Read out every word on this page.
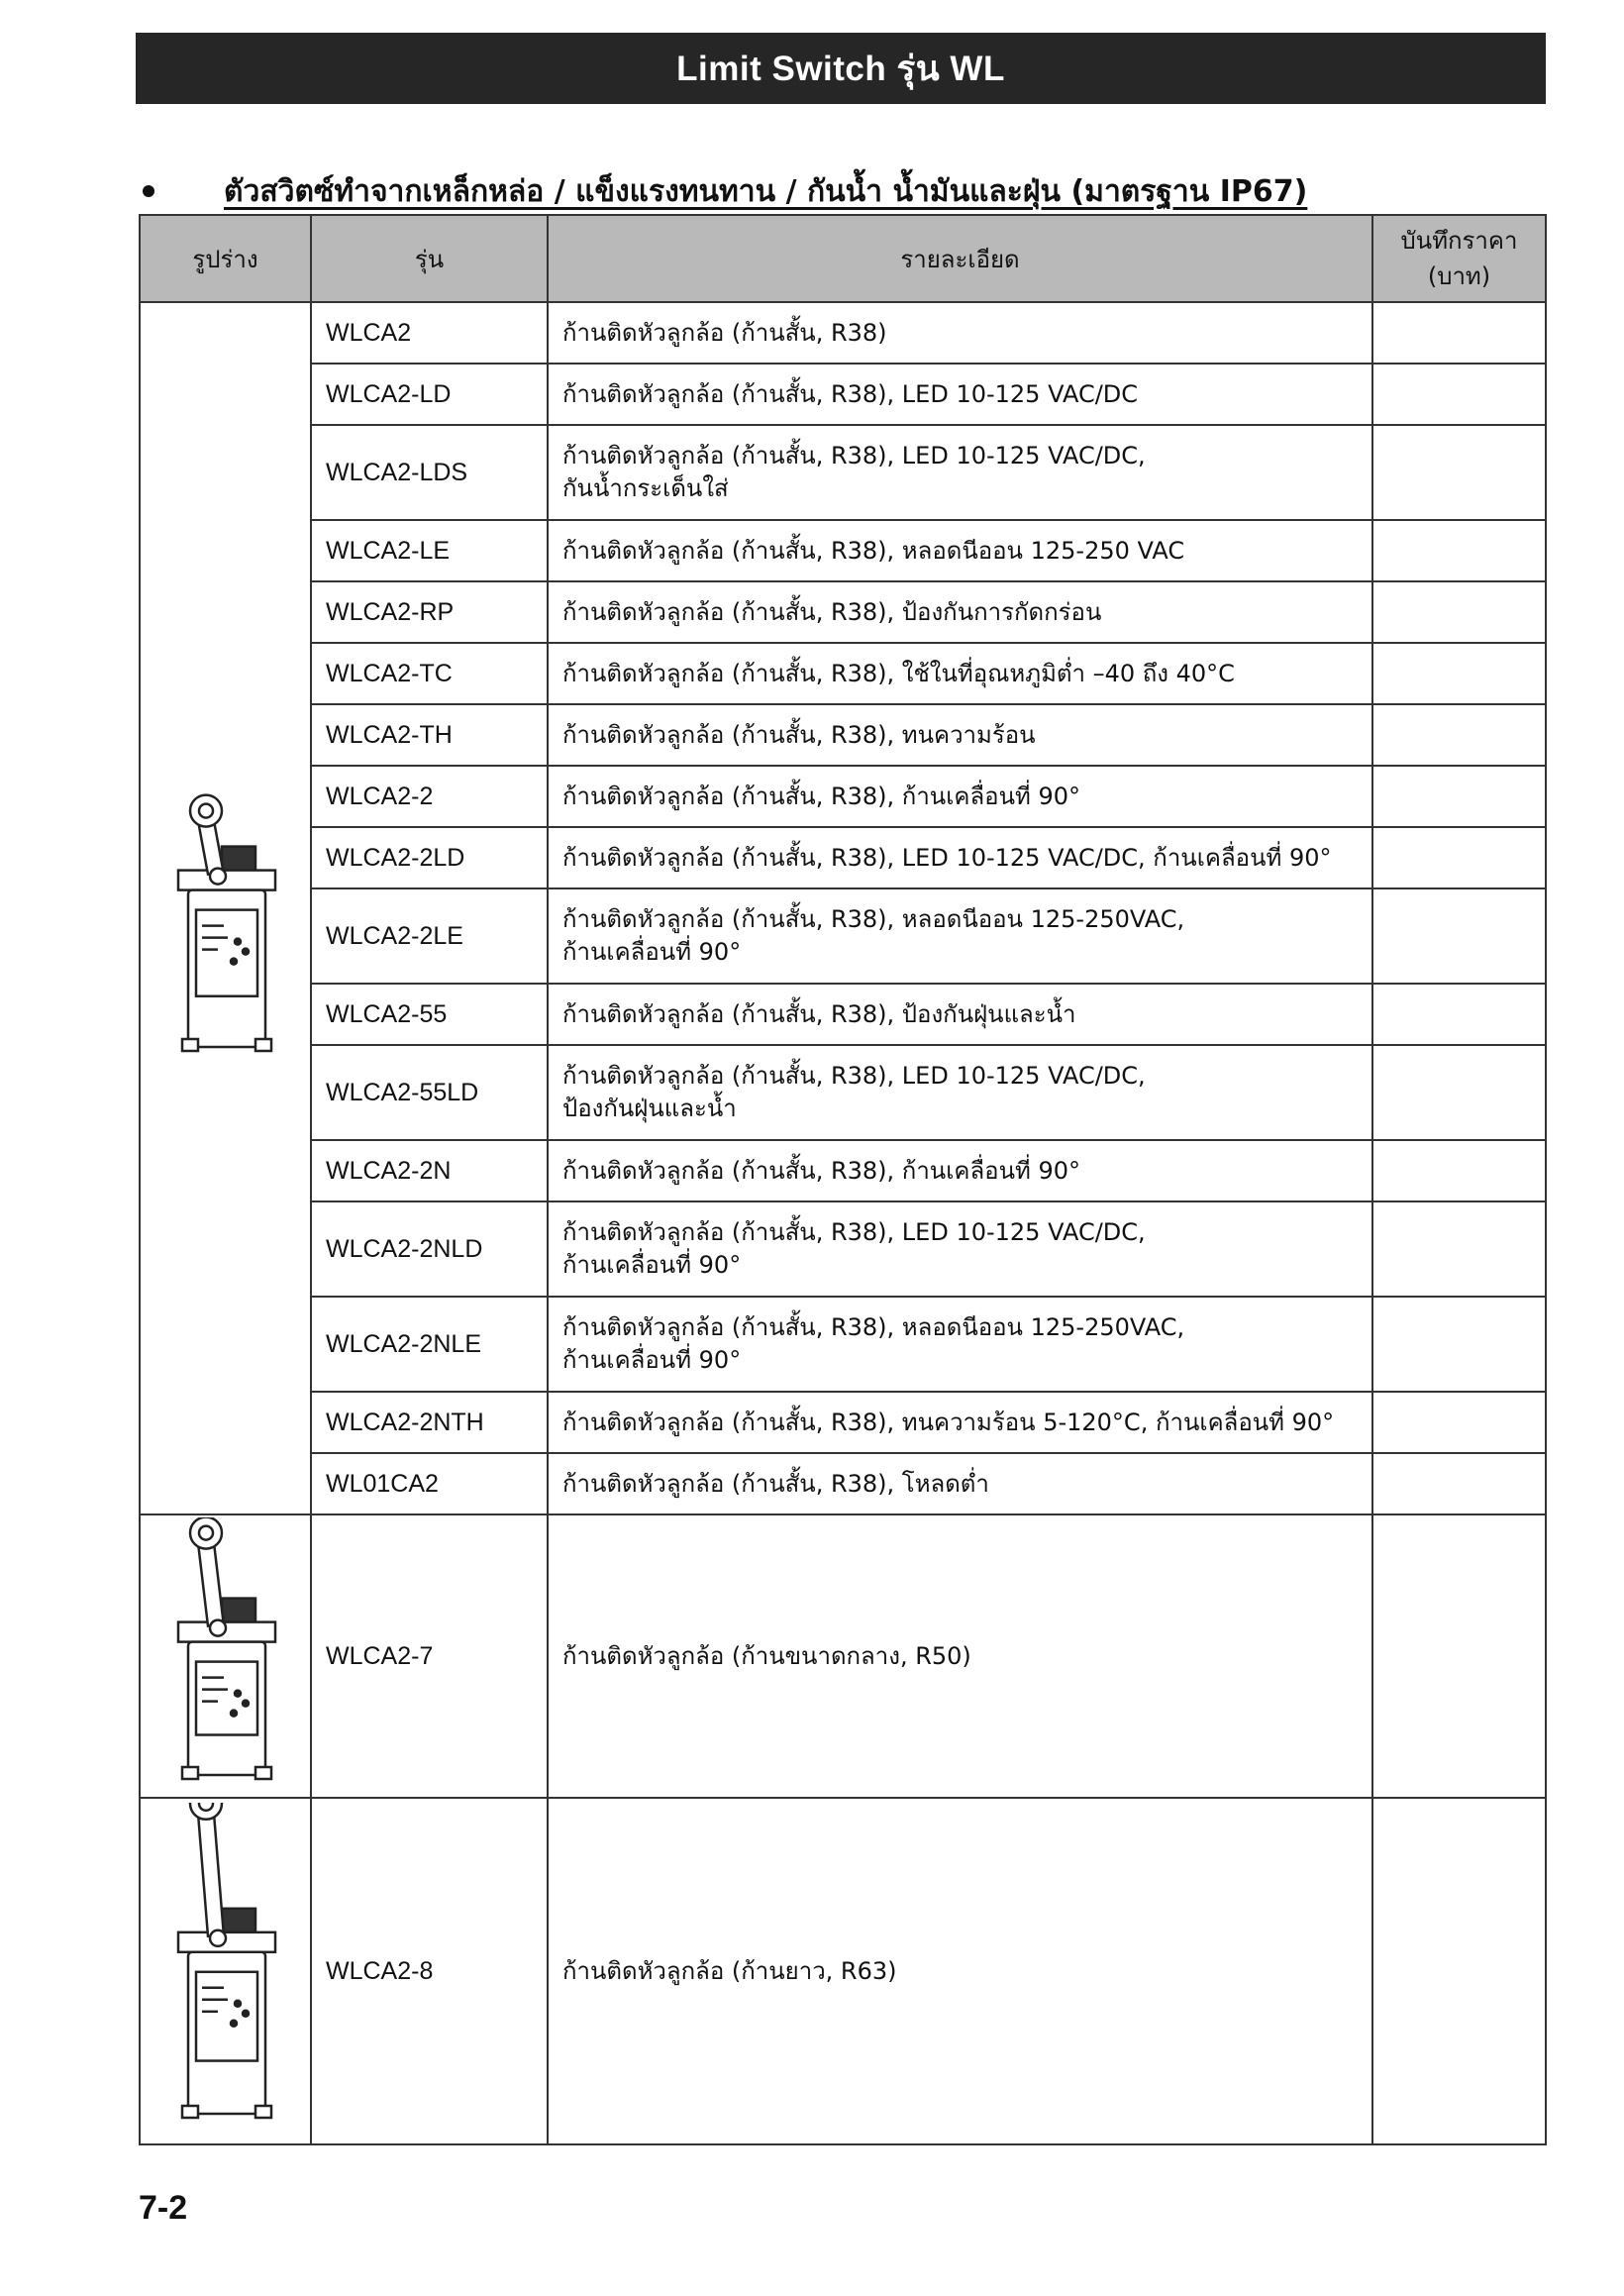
Limit Switch รุ่น WL
ตัวสวิตซ์ทำจากเหล็กหล่อ / แข็งแรงทนทาน / กันน้ำ น้ำมันและฝุ่น (มาตรฐาน IP67)
รูปร่าง	รุ่น	รายละเอียด	บันทึกราคา
(บาท)

	WLCA2	ก้านติดหัวลูกล้อ (ก้านสั้น, R38)	

	WLCA2-LD	ก้านติดหัวลูกล้อ (ก้านสั้น, R38), LED 10-125 VAC/DC	

	WLCA2-LDS	ก้านติดหัวลูกล้อ (ก้านสั้น, R38), LED 10-125 VAC/DC,
กันน้ำกระเด็นใส่	

	WLCA2-LE	ก้านติดหัวลูกล้อ (ก้านสั้น, R38), หลอดนีออน 125-250 VAC	

	WLCA2-RP	ก้านติดหัวลูกล้อ (ก้านสั้น, R38), ป้องกันการกัดกร่อน	

	WLCA2-TC	ก้านติดหัวลูกล้อ (ก้านสั้น, R38), ใช้ในที่อุณหภูมิต่ำ –40 ถึง 40°C	

	WLCA2-TH	ก้านติดหัวลูกล้อ (ก้านสั้น, R38), ทนความร้อน	

	WLCA2-2	ก้านติดหัวลูกล้อ (ก้านสั้น, R38), ก้านเคลื่อนที่ 90°	

	WLCA2-2LD	ก้านติดหัวลูกล้อ (ก้านสั้น, R38), LED 10-125 VAC/DC, ก้านเคลื่อนที่ 90°	

	WLCA2-2LE	ก้านติดหัวลูกล้อ (ก้านสั้น, R38), หลอดนีออน 125-250VAC,
ก้านเคลื่อนที่ 90°	

	WLCA2-55	ก้านติดหัวลูกล้อ (ก้านสั้น, R38), ป้องกันฝุ่นและน้ำ	

	WLCA2-55LD	ก้านติดหัวลูกล้อ (ก้านสั้น, R38), LED 10-125 VAC/DC,
ป้องกันฝุ่นและน้ำ	

	WLCA2-2N	ก้านติดหัวลูกล้อ (ก้านสั้น, R38), ก้านเคลื่อนที่ 90°	

	WLCA2-2NLD	ก้านติดหัวลูกล้อ (ก้านสั้น, R38), LED 10-125 VAC/DC,
ก้านเคลื่อนที่ 90°	

	WLCA2-2NLE	ก้านติดหัวลูกล้อ (ก้านสั้น, R38), หลอดนีออน 125-250VAC,
ก้านเคลื่อนที่ 90°	

	WLCA2-2NTH	ก้านติดหัวลูกล้อ (ก้านสั้น, R38), ทนความร้อน 5-120°C, ก้านเคลื่อนที่ 90°	

	WL01CA2	ก้านติดหัวลูกล้อ (ก้านสั้น, R38), โหลดต่ำ	

	WLCA2-7	ก้านติดหัวลูกล้อ (ก้านขนาดกลาง, R50)	

	WLCA2-8	ก้านติดหัวลูกล้อ (ก้านยาว, R63)	
7-2
